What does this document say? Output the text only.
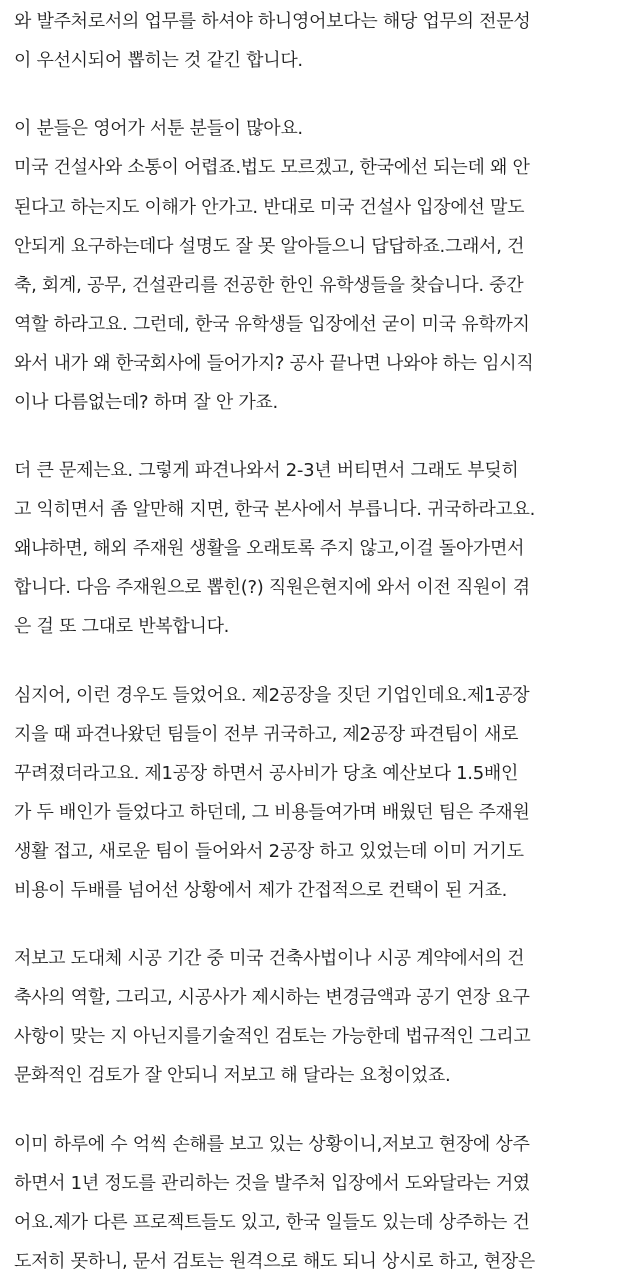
와 발주처로서의 업무를 하셔야 하니영어보다는 해당 업무의 전문성
이 우선시되어 뽑히는 것 같긴 합니다.
이 분들은 영어가 서툰 분들이 많아요.
미국 건설사와 소통이 어렵죠.법도 모르겠고, 한국에선 되는데 왜 안
된다고 하는지도 이해가 안가고. 반대로 미국 건설사 입장에선 말도
안되게 요구하는데다 설명도 잘 못 알아들으니 답답하죠.그래서, 건
축, 회계, 공무, 건설관리를 전공한 한인 유학생들을 찾습니다. 중간
역할 하라고요. 그런데, 한국 유학생들 입장에선 굳이 미국 유학까지
와서 내가 왜 한국회사에 들어가지? 공사 끝나면 나와야 하는 임시직
이나 다름없는데? 하며 잘 안 가죠.
더 큰 문제는요. 그렇게 파견나와서 2-3년 버티면서 그래도 부딪히
고 익히면서 좀 알만해 지면, 한국 본사에서 부릅니다. 귀국하라고요.
왜냐하면, 해외 주재원 생활을 오래토록 주지 않고,이걸 돌아가면서
합니다. 다음 주재원으로 뽑힌(?) 직원은현지에 와서 이전 직원이 겪
은 걸 또 그대로 반복합니다.
심지어, 이런 경우도 들었어요. 제2공장을 짓던 기업인데요.제1공장
지을 때 파견나왔던 팀들이 전부 귀국하고, 제2공장 파견팀이 새로
꾸려졌더라고요. 제1공장 하면서 공사비가 당초 예산보다 1.5배인
가 두 배인가 들었다고 하던데, 그 비용들여가며 배웠던 팀은 주재원
생활 접고, 새로운 팀이 들어와서 2공장 하고 있었는데 이미 거기도
비용이 두배를 넘어선 상황에서 제가 간접적으로 컨택이 된 거죠.
저보고 도대체 시공 기간 중 미국 건축사법이나 시공 계약에서의 건
축사의 역할, 그리고, 시공사가 제시하는 변경금액과 공기 연장 요구
사항이 맞는 지 아닌지를기술적인 검토는 가능한데 법규적인 그리고
문화적인 검토가 잘 안되니 저보고 해 달라는 요청이었죠.
이미 하루에 수 억씩 손해를 보고 있는 상황이니,저보고 현장에 상주
하면서 1년 정도를 관리하는 것을 발주처 입장에서 도와달라는 거였
어요.제가 다른 프로젝트들도 있고, 한국 일들도 있는데 상주하는 건
도저히 못하니, 문서 검토는 원격으로 해도 되니 상시로 하고, 현장은
